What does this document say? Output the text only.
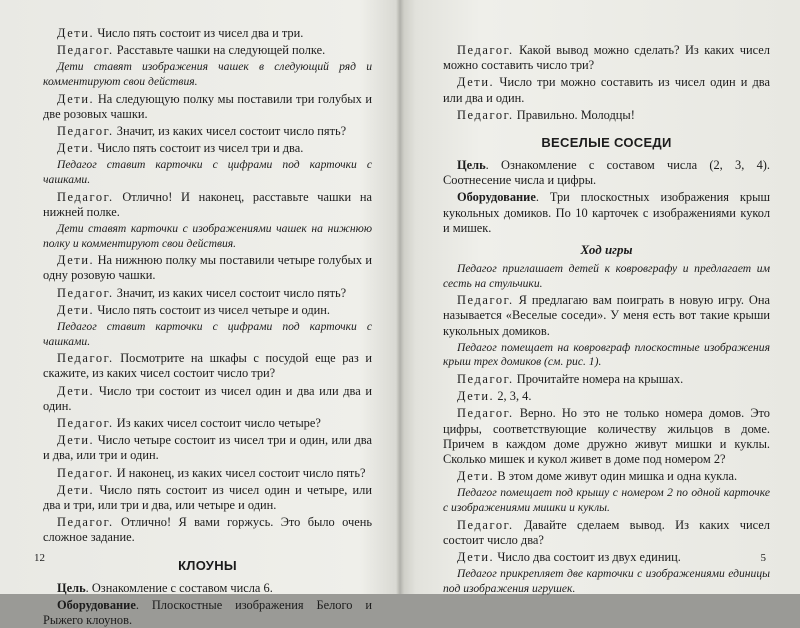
Дети. Число пять состоит из чисел два и три.

Педагог. Расставьте чашки на следующей полке.

Дети ставят изображения чашек в следующий ряд и комментируют свои действия.

Дети. На следующую полку мы поставили три голубых и две розовых чашки.

Педагог. Значит, из каких чисел состоит число пять?

Дети. Число пять состоит из чисел три и два.

Педагог ставит карточки с цифрами под карточки с чашками.

Педагог. Отлично! И наконец, расставьте чашки на нижней полке.

Дети ставят карточки с изображениями чашек на нижнюю полку и комментируют свои действия.

Дети. На нижнюю полку мы поставили четыре голубых и одну розовую чашки.

Педагог. Значит, из каких чисел состоит число пять?

Дети. Число пять состоит из чисел четыре и один.

Педагог ставит карточки с цифрами под карточки с чашками.

Педагог. Посмотрите на шкафы с посудой еще раз и скажите, из каких чисел состоит число три?

Дети. Число три состоит из чисел один и два или два и один.

Педагог. Из каких чисел состоит число четыре?

Дети. Число четыре состоит из чисел три и один, или два и два, или три и один.

Педагог. И наконец, из каких чисел состоит число пять?

Дети. Число пять состоит из чисел один и четыре, или два и три, или три и два, или четыре и один.

Педагог. Отлично! Я вами горжусь. Это было очень сложное задание.

КЛОУНЫ

Цель. Ознакомление с составом числа 6.

Оборудование. Плоскостные изображения Белого и Рыжего клоунов.

12

Педагог. Какой вывод можно сделать? Из каких чисел можно составить число три?

Дети. Число три можно составить из чисел один и два или два и один.

Педагог. Правильно. Молодцы!

ВЕСЕЛЫЕ СОСЕДИ

Цель. Ознакомление с составом числа (2, 3, 4). Соотнесение числа и цифры.

Оборудование. Три плоскостных изображения крыш кукольных домиков. По 10 карточек с изображениями кукол и мишек.

Ход игры

Педагог приглашает детей к ковровграфу и предлагает им сесть на стульчики.

Педагог. Я предлагаю вам поиграть в новую игру. Она называется «Веселые соседи». У меня есть вот такие крыши кукольных домиков.

Педагог помещает на ковровграф плоскостные изображения крыш трех домиков (см. рис. 1).

Педагог. Прочитайте номера на крышах.

Дети. 2, 3, 4.

Педагог. Верно. Но это не только номера домов. Это цифры, соответствующие количеству жильцов в доме. Причем в каждом доме дружно живут мишки и куклы. Сколько мишек и кукол живет в доме под номером 2?

Дети. В этом доме живут один мишка и одна кукла.

Педагог помещает под крышу с номером 2 по одной карточке с изображениями мишки и куклы.

Педагог. Давайте сделаем вывод. Из каких чисел состоит число два?

Дети. Число два состоит из двух единиц.

Педагог прикрепляет две карточки с изображениями единицы под изображения игрушек.

5
